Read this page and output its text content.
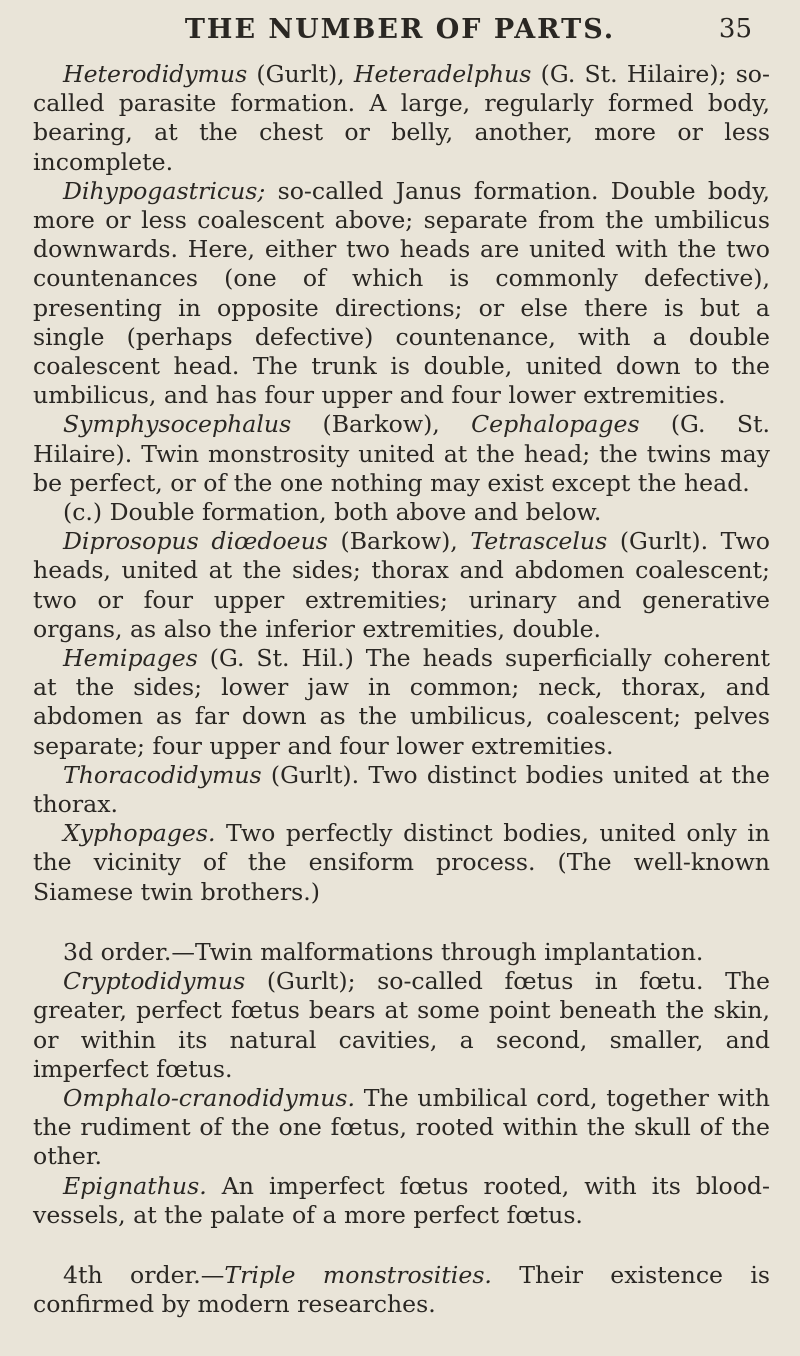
THE NUMBER OF PARTS.	35

Heterodidymus (Gurlt), Heteradelphus (G. St. Hilaire); so-called parasite formation. A large, regularly formed body, bearing, at the chest or belly, another, more or less incomplete.

Dihypogastricus; so-called Janus formation. Double body, more or less coalescent above; separate from the umbilicus downwards. Here, either two heads are united with the two countenances (one of which is commonly defective), presenting in opposite directions; or else there is but a single (perhaps defective) countenance, with a double coalescent head. The trunk is double, united down to the umbilicus, and has four upper and four lower extremities.

Symphysocephalus (Barkow), Cephalopages (G. St. Hilaire). Twin monstrosity united at the head; the twins may be perfect, or of the one nothing may exist except the head.

(c.) Double formation, both above and below.

Diprosopus diœdoeus (Barkow), Tetrascelus (Gurlt). Two heads, united at the sides; thorax and abdomen coalescent; two or four upper extremities; urinary and generative organs, as also the inferior extremities, double.

Hemipages (G. St. Hil.) The heads superficially coherent at the sides; lower jaw in common; neck, thorax, and abdomen as far down as the umbilicus, coalescent; pelves separate; four upper and four lower extremities.

Thoracodidymus (Gurlt). Two distinct bodies united at the thorax.

Xyphopages. Two perfectly distinct bodies, united only in the vicinity of the ensiform process. (The well-known Siamese twin brothers.)

3d order.—Twin malformations through implantation.

Cryptodidymus (Gurlt); so-called fœtus in fœtu. The greater, perfect fœtus bears at some point beneath the skin, or within its natural cavities, a second, smaller, and imperfect fœtus.

Omphalo-cranodidymus. The umbilical cord, together with the rudiment of the one fœtus, rooted within the skull of the other.

Epignathus. An imperfect fœtus rooted, with its blood-vessels, at the palate of a more perfect fœtus.

4th order.—Triple monstrosities. Their existence is confirmed by modern researches.
